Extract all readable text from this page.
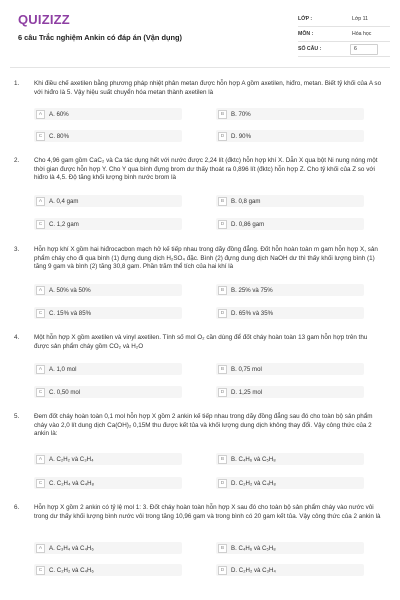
QUIZIZZ
6 câu Trắc nghiệm Ankin có đáp án (Vận dụng)
LỚP :	Lớp 11
MÔN :	Hóa học
SỐ CÂU :	6
1. Khi điều chế axetilen bằng phương pháp nhiệt phân metan được hỗn hợp A gồm axetilen, hiđro, metan. Biết tỷ khối của A so với hiđro là 5. Vậy hiệu suất chuyển hóa metan thành axetilen là
A	A. 60%	B	B. 70%
C	C. 80%	D	D. 90%
2. Cho 4,96 gam gồm CaC₂ và Ca tác dụng hết với nước được 2,24 lít (đktc) hỗn hợp khí X. Dẫn X qua bột Ni nung nóng một thời gian được hỗn hợp Y. Cho Y qua bình đựng brom dư thấy thoát ra 0,896 lít (đktc) hỗn hợp Z. Cho tỷ khối của Z so với hiđro là 4,5. Độ tăng khối lượng bình nước brom là
A	A. 0,4 gam	B	B. 0,8 gam
C	C. 1,2 gam	D	D. 0,86 gam
3. Hỗn hợp khí X gồm hai hiđrocacbon mạch hở kế tiếp nhau trong dãy đồng đẳng. Đốt hỗn hoàn toàn m gam hỗn hợp X, sản phẩm cháy cho đi qua bình (1) đựng dung dịch H₂SO₄ đặc. Bình (2) đựng dung dịch NaOH dư thì thấy khối lượng bình (1) tăng 9 gam và bình (2) tăng 30,8 gam. Phần trăm thể tích của hai khí là
A	A. 50% và 50%	B	B. 25% và 75%
C	C. 15% và 85%	D	D. 65% và 35%
4. Một hỗn hợp X gồm axetilen và vinyl axetilen. Tính số mol O₂ cần dùng để đốt cháy hoàn toàn 13 gam hỗn hợp trên thu được sản phẩm cháy gồm CO₂ và H₂O
A	A. 1,0 mol	B	B. 0,75 mol
C	C. 0,50 mol	D	D. 1,25 mol
5. Đem đốt cháy hoàn toàn 0,1 mol hỗn hợp X gồm 2 ankin kế tiếp nhau trong dãy đồng đẳng sau đó cho toàn bộ sản phẩm cháy vào 2,0 lít dung dịch Ca(OH)₂ 0,15M thu được kết tủa và khối lượng dung dịch không thay đổi. Vậy công thức của 2 ankin là:
A	A. C₂H₂ và C₃H₄	B	B. C₄H₆ và C₅H₈
C	C. C₂H₄ và C₄H₈	D	D. C₂H₂ và C₄H₈
6. Hỗn hợp X gồm 2 ankin có tỷ lệ mol 1: 3. Đốt cháy hoàn toàn hỗn hợp X sau đó cho toàn bộ sản phẩm cháy vào nước vôi trong dư thấy khối lượng bình nước vôi trong tăng 10,96 gam và trong bình có 20 gam kết tủa. Vậy công thức của 2 ankin là
A	A. C₃H₄ và C₄H₆	B	B. C₄H₆ và C₅H₈
C	C. C₂H₂ và C₄H₆	D	D. C₂H₂ và C₃H₄
